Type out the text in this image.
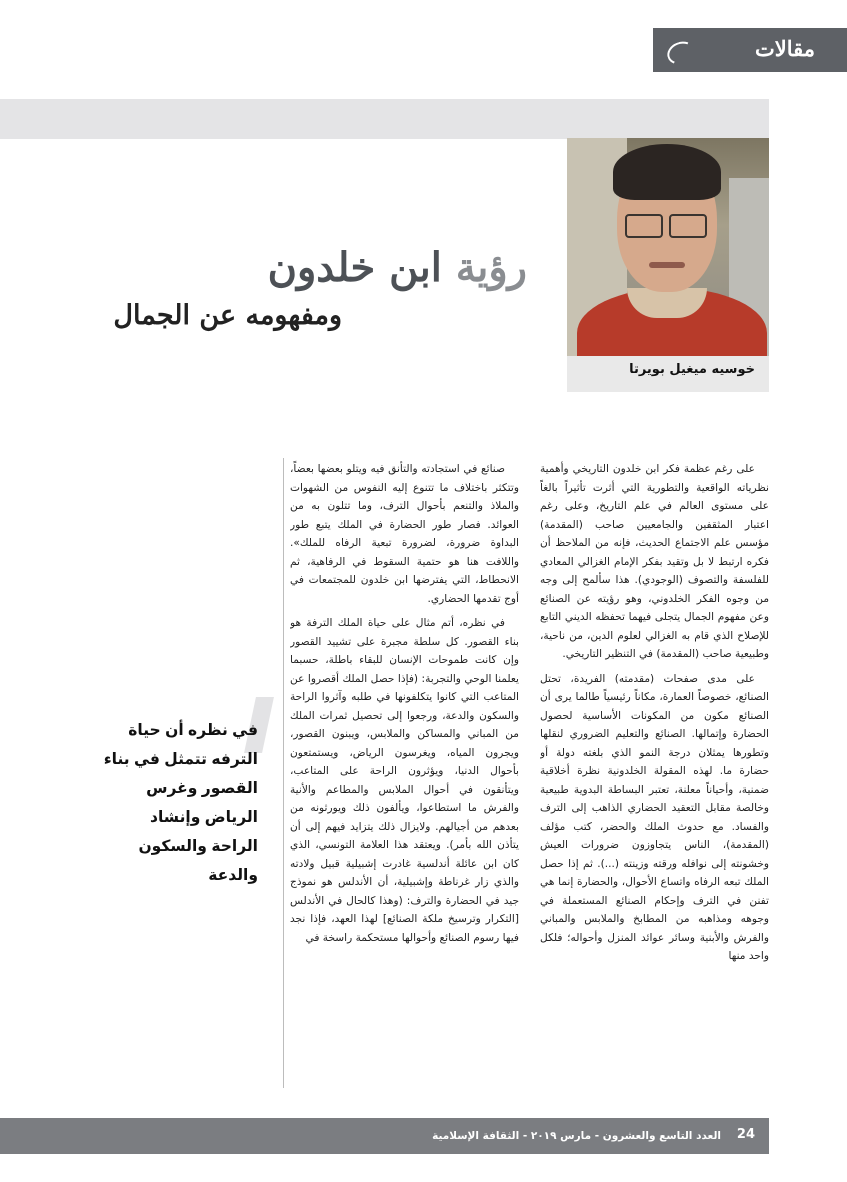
مقالات
خوسيه ميغيل بويرتا
رؤية ابن خلدون
ومفهومه عن الجمال
في نظره أن حياة الترفه تتمثل في بناء القصور وغرس الرياض وإنشاد الراحة والسكون والدعة

على رغم عظمة فكر ابن خلدون التاريخي وأهمية نظرياته الواقعية والتطورية التي أثرت تأثيراً بالغاً على مستوى العالم في علم التاريخ، وعلى رغم اعتبار المثقفين والجامعيين صاحب (المقدمة) مؤسس علم الاجتماع الحديث، فإنه من الملاحظ أن فكره ارتبط لا بل وتقيد بفكر الإمام الغزالي المعادي للفلسفة والتصوف (الوجودي). هذا سألمح إلى وجه من وجوه الفكر الخلدوني، وهو رؤيته عن الصنائع وعن مفهوم الجمال يتجلى فيهما تحفظه الديني التابع للإصلاح الذي قام به الغزالي لعلوم الدين، من ناحية، وطبيعية صاحب (المقدمة) في التنظير التاريخي.

على مدى صفحات (مقدمته) الفريدة، تحتل الصنائع، خصوصاً العمارة، مكاناً رئيسياً طالما يرى أن الصنائع مكون من المكونات الأساسية لحصول الحضارة وإتمالها. الصنائع والتعليم الضروري لنقلها وتطورها يمثلان درجة النمو الذي بلغته دولة أو حضارة ما. لهذه المقولة الخلدونية نظرة أخلاقية ضمنية، وأحياناً معلنة، تعتبر البساطة البدوية طبيعية وخالصة مقابل التعقيد الحضاري الذاهب إلى الترف والفساد. مع حدوث الملك والحضر، كتب مؤلف (المقدمة)، الناس يتجاوزون ضرورات العيش وخشونته إلى نوافله ورقته وزينته (...). ثم إذا حصل الملك تبعه الرفاه واتساع الأحوال، والحضارة إنما هي تفنن في الترف وإحكام الصنائع المستعملة في وجوهه ومذاهبه من المطابخ والملابس والمباني والفرش والأبنية وسائر عوائد المنزل وأحواله؛ فلكل واحد منها

صنائع في استجادته والتأنق فيه ويتلو بعضها بعضاً، وتتكثر باختلاف ما تتنوع إليه النفوس من الشهوات والملاذ والتنعم بأحوال الترف، وما تتلون به من العوائد. فصار طور الحضارة في الملك يتبع طور البداوة ضرورة، لضرورة تبعية الرفاه للملك». واللافت هنا هو حتمية السقوط في الرفاهية، ثم الانحطاط، التي يفترضها ابن خلدون للمجتمعات في أوج تقدمها الحضاري.

في نظره، أتم مثال على حياة الملك الترفة هو بناء القصور. كل سلطة مجبرة على تشييد القصور وإن كانت طموحات الإنسان للبقاء باطلة، حسبما يعلمنا الوحي والتجربة: (فإذا حصل الملك أقصروا عن المتاعب التي كانوا يتكلفونها في طلبه وآثروا الراحة والسكون والدعة، ورجعوا إلى تحصيل ثمرات الملك من المباني والمساكن والملابس، ويبنون القصور، ويجرون المياه، ويغرسون الرياض، ويستمتعون بأحوال الدنيا، ويؤثرون الراحة على المتاعب، ويتأنقون في أحوال الملابس والمطاعم والأنية والفرش ما استطاعوا، ويألفون ذلك ويورثونه من بعدهم من أجيالهم. ولايزال ذلك يتزايد فيهم إلى أن يتأذن الله بأمر). ويعتقد هذا العلامة التونسي، الذي كان ابن عائلة أندلسية غادرت إشبيلية قبيل ولادته والذي زار غرناطة وإشبيلية، أن الأندلس هو نموذج جيد في الحضارة والترف: (وهذا كالحال في الأندلس [التكرار وترسيخ ملكة الصنائع] لهذا العهد، فإذا نجد فيها رسوم الصنائع وأحوالها مستحكمة راسخة في

24
العدد التاسع والعشرون - مارس ٢٠١٩ - الثقافة الإسلامية
